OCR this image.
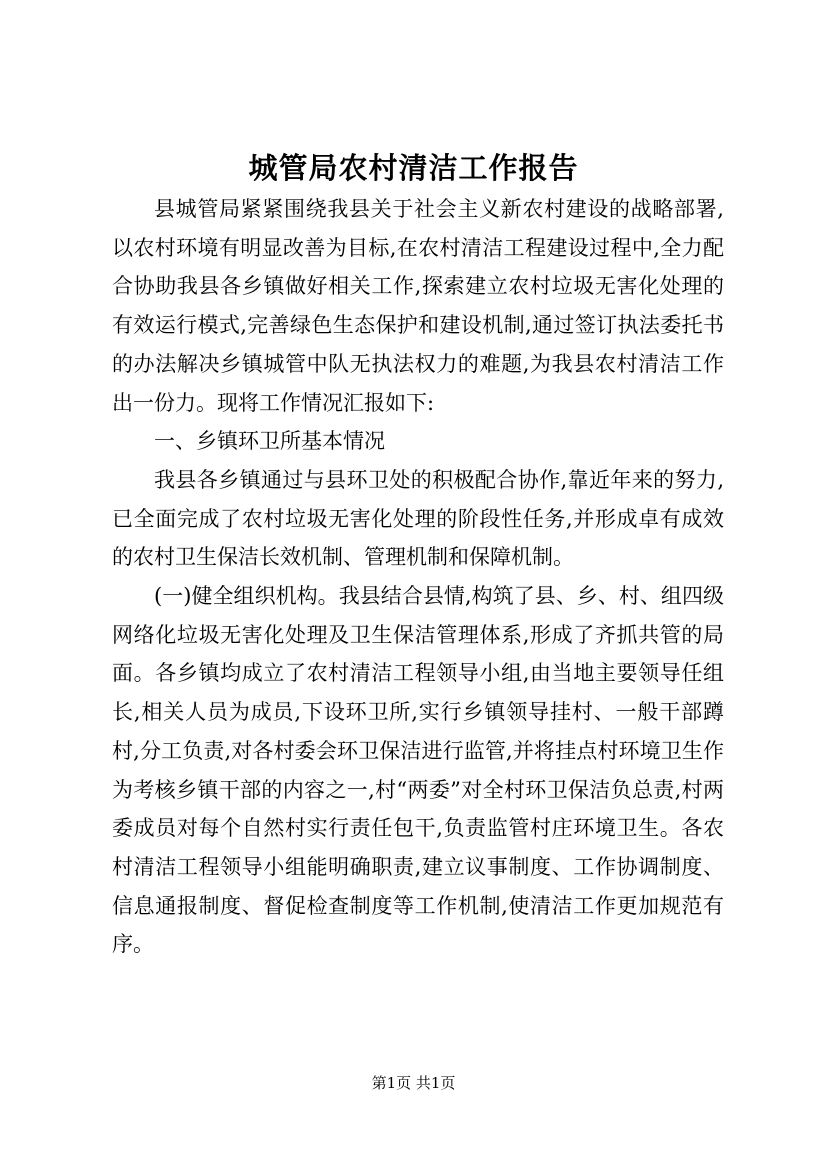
城管局农村清洁工作报告

县城管局紧紧围绕我县关于社会主义新农村建设的战略部署,以农村环境有明显改善为目标,在农村清洁工程建设过程中,全力配合协助我县各乡镇做好相关工作,探索建立农村垃圾无害化处理的有效运行模式,完善绿色生态保护和建设机制,通过签订执法委托书的办法解决乡镇城管中队无执法权力的难题,为我县农村清洁工作出一份力。现将工作情况汇报如下:

一、乡镇环卫所基本情况

我县各乡镇通过与县环卫处的积极配合协作,靠近年来的努力,已全面完成了农村垃圾无害化处理的阶段性任务,并形成卓有成效的农村卫生保洁长效机制、管理机制和保障机制。

(一)健全组织机构。我县结合县情,构筑了县、乡、村、组四级网络化垃圾无害化处理及卫生保洁管理体系,形成了齐抓共管的局面。各乡镇均成立了农村清洁工程领导小组,由当地主要领导任组长,相关人员为成员,下设环卫所,实行乡镇领导挂村、一般干部蹲村,分工负责,对各村委会环卫保洁进行监管,并将挂点村环境卫生作为考核乡镇干部的内容之一,村“两委”对全村环卫保洁负总责,村两委成员对每个自然村实行责任包干,负责监管村庄环境卫生。各农村清洁工程领导小组能明确职责,建立议事制度、工作协调制度、信息通报制度、督促检查制度等工作机制,使清洁工作更加规范有序。

第1页 共1页
